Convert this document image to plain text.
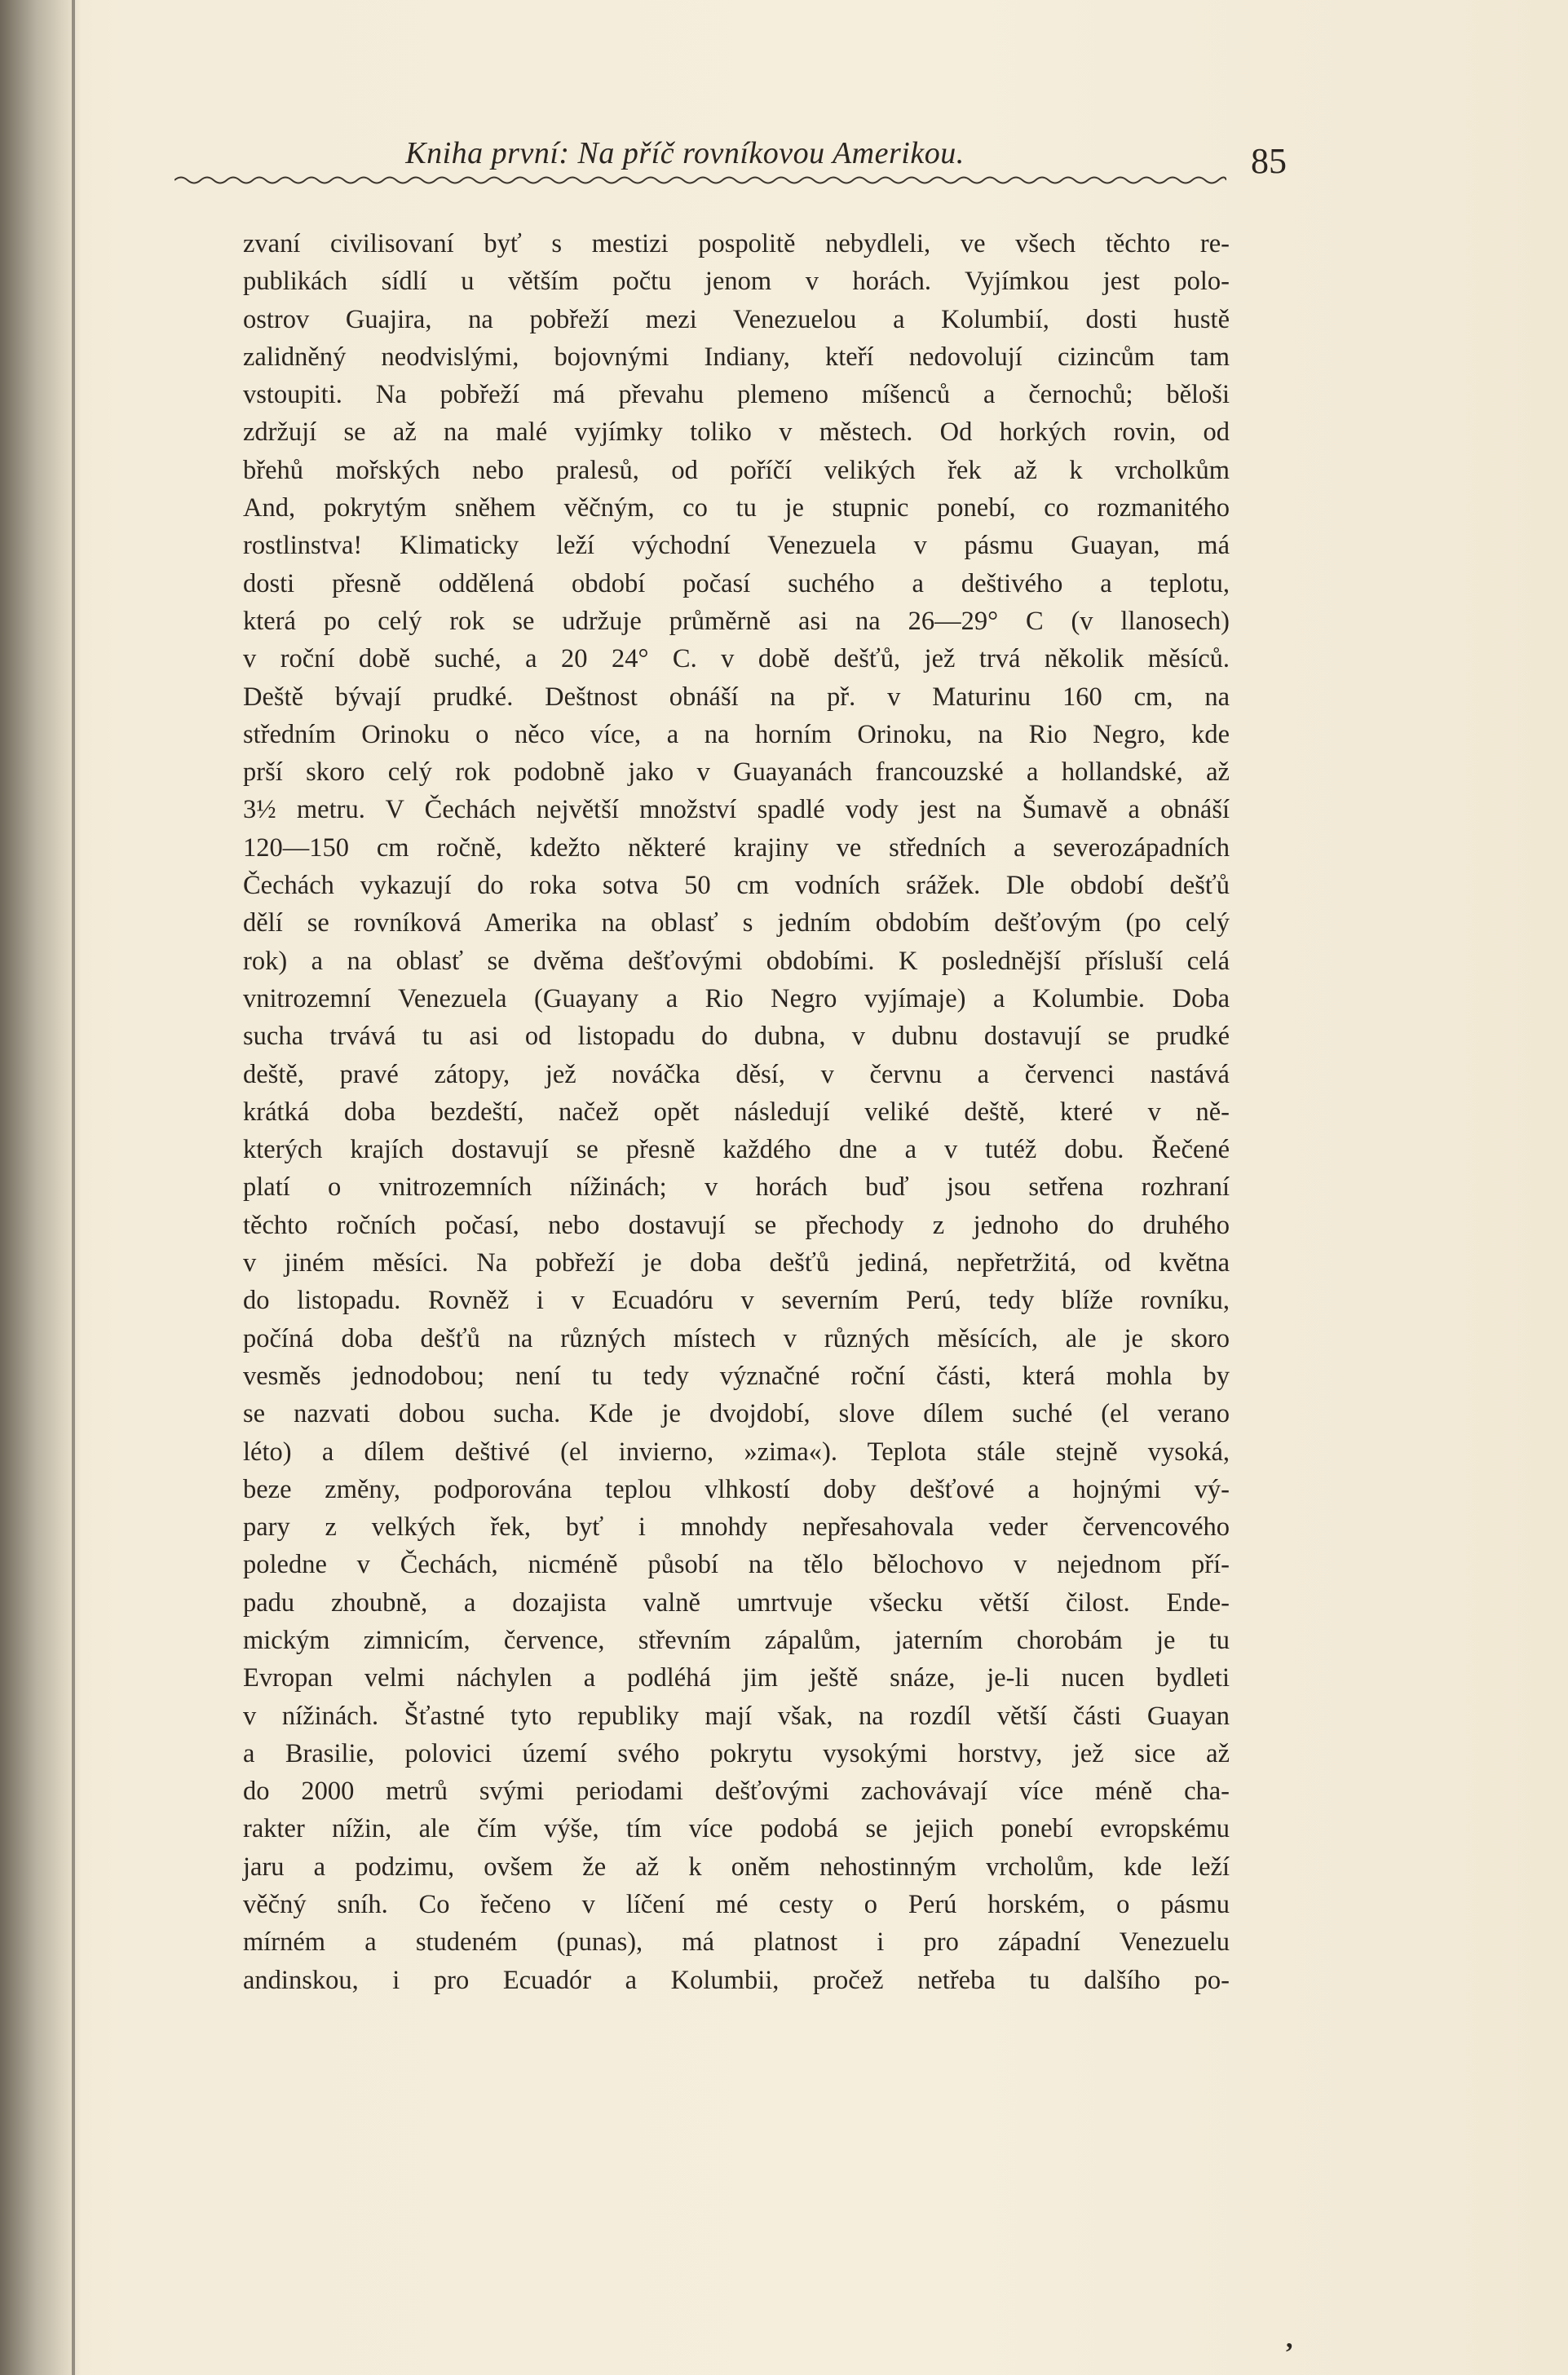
Kniha první: Na příč rovníkovou Amerikou.	85
zvaní civilisovaní byť s mestizi pospolitě nebydleli, ve všech těchto re-
publikách sídlí u větším počtu jenom v horách. Vyjímkou jest polo-
ostrov Guajira, na pobřeží mezi Venezuelou a Kolumbií, dosti hustě
zalidněný neodvislými, bojovnými Indiany, kteří nedovolují cizincům tam
vstoupiti. Na pobřeží má převahu plemeno míšenců a černochů; běloši
zdržují se až na malé vyjímky toliko v městech. Od horkých rovin, od
břehů mořských nebo pralesů, od poříčí velikých řek až k vrcholkům
And, pokrytým sněhem věčným, co tu je stupnic ponebí, co rozmanitého
rostlinstva! Klimaticky leží východní Venezuela v pásmu Guayan, má
dosti přesně oddělená období počasí suchého a deštivého a teplotu,
která po celý rok se udržuje průměrně asi na 26—29° C (v llanosech)
v roční době suché, a 20 24° C. v době dešťů, jež trvá několik měsíců.
Deště bývají prudké. Deštnost obnáší na př. v Maturinu 160 cm, na
středním Orinoku o něco více, a na horním Orinoku, na Rio Negro, kde
prší skoro celý rok podobně jako v Guayanách francouzské a hollandské, až
3½ metru. V Čechách největší množství spadlé vody jest na Šumavě a obnáší
120—150 cm ročně, kdežto některé krajiny ve středních a severozápadních
Čechách vykazují do roka sotva 50 cm vodních srážek. Dle období dešťů
dělí se rovníková Amerika na oblasť s jedním obdobím dešťovým (po celý
rok) a na oblasť se dvěma dešťovými obdobími. K poslednější přísluší celá
vnitrozemní Venezuela (Guayany a Rio Negro vyjímaje) a Kolumbie. Doba
sucha trvává tu asi od listopadu do dubna, v dubnu dostavují se prudké
deště, pravé zátopy, jež nováčka děsí, v červnu a červenci nastává
krátká doba bezdeští, načež opět následují veliké deště, které v ně-
kterých krajích dostavují se přesně každého dne a v tutéž dobu. Řečené
platí o vnitrozemních nížinách; v horách buď jsou setřena rozhraní
těchto ročních počasí, nebo dostavují se přechody z jednoho do druhého
v jiném měsíci. Na pobřeží je doba dešťů jediná, nepřetržitá, od května
do listopadu. Rovněž i v Ecuadóru v severním Perú, tedy blíže rovníku,
počíná doba dešťů na různých místech v různých měsících, ale je skoro
vesměs jednodobou; není tu tedy význačné roční části, která mohla by
se nazvati dobou sucha. Kde je dvojdobí, slove dílem suché (el verano
léto) a dílem deštivé (el invierno, »zima«). Teplota stále stejně vysoká,
beze změny, podporována teplou vlhkostí doby dešťové a hojnými vý-
pary z velkých řek, byť i mnohdy nepřesahovala veder červencového
poledne v Čechách, nicméně působí na tělo bělochovo v nejednom pří-
padu zhoubně, a dozajista valně umrtvuje všecku větší čilost. Ende-
mickým zimnicím, července, střevním zápalům, jaterním chorobám je tu
Evropan velmi náchylen a podléhá jim ještě snáze, je-li nucen bydleti
v nížinách. Šťastné tyto republiky mají však, na rozdíl větší části Guayan
a Brasilie, polovici území svého pokrytu vysokými horstvy, jež sice až
do 2000 metrů svými periodami dešťovými zachovávají více méně cha-
rakter nížin, ale čím výše, tím více podobá se jejich ponebí evropskému
jaru a podzimu, ovšem že až k oněm nehostinným vrcholům, kde leží
věčný sníh. Co řečeno v líčení mé cesty o Perú horském, o pásmu
mírném a studeném (punas), má platnost i pro západní Venezuelu
andinskou, i pro Ecuadór a Kolumbii, pročež netřeba tu dalšího po-
,
